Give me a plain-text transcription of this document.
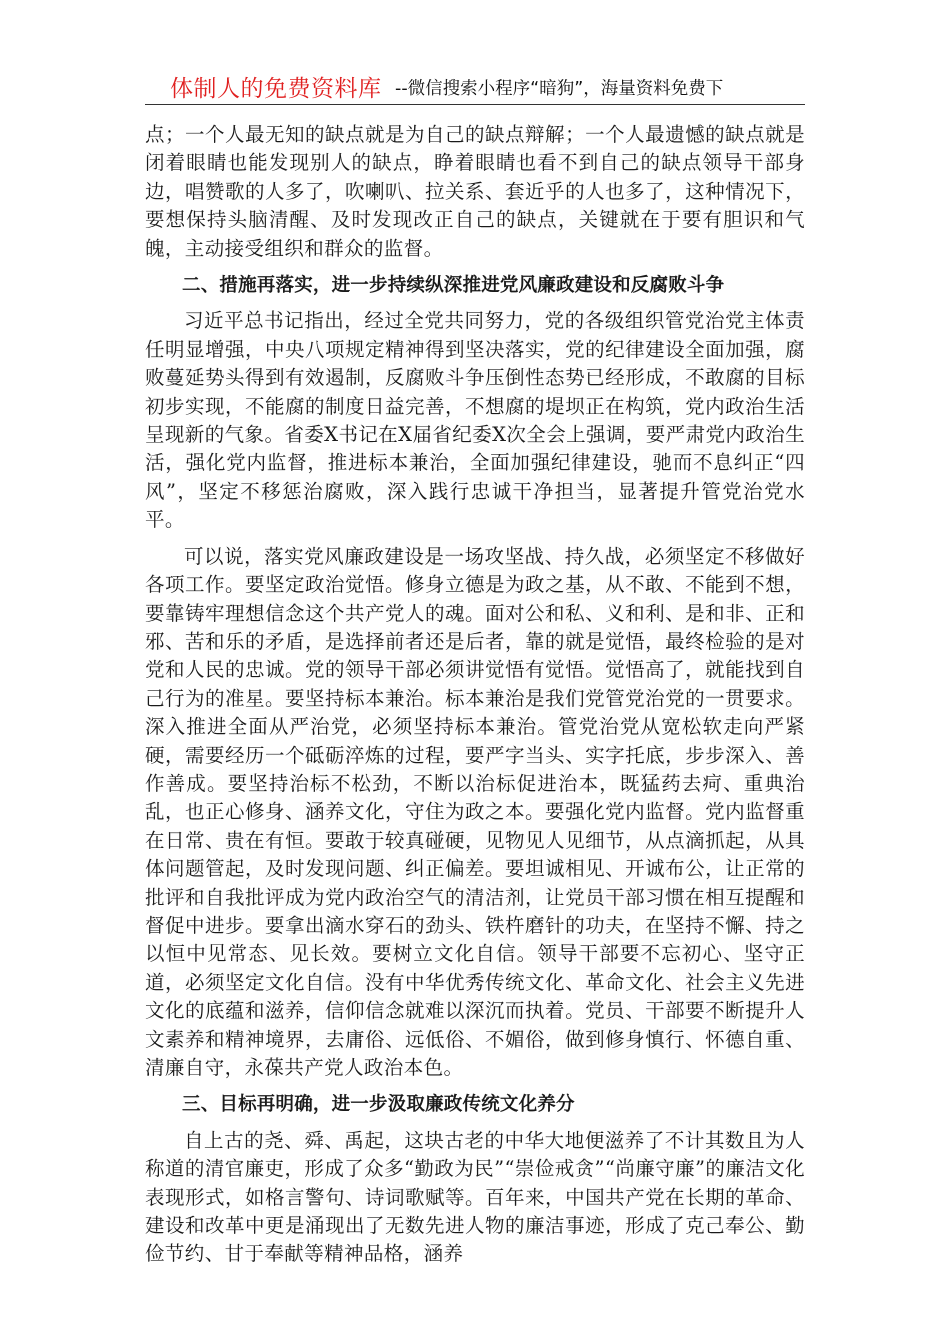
体制人的免费资料库 --微信搜索小程序“暗狗”，海量资料免费下

点；一个人最无知的缺点就是为自己的缺点辩解；一个人最遗憾的缺点就是闭着眼睛也能发现别人的缺点，睁着眼睛也看不到自己的缺点领导干部身边，唱赞歌的人多了，吹喇叭、拉关系、套近乎的人也多了，这种情况下，要想保持头脑清醒、及时发现改正自己的缺点，关键就在于要有胆识和气魄，主动接受组织和群众的监督。

二、措施再落实，进一步持续纵深推进党风廉政建设和反腐败斗争

习近平总书记指出，经过全党共同努力，党的各级组织管党治党主体责任明显增强，中央八项规定精神得到坚决落实，党的纪律建设全面加强，腐败蔓延势头得到有效遏制，反腐败斗争压倒性态势已经形成，不敢腐的目标初步实现，不能腐的制度日益完善，不想腐的堤坝正在构筑，党内政治生活呈现新的气象。省委X书记在X届省纪委X次全会上强调，要严肃党内政治生活，强化党内监督，推进标本兼治，全面加强纪律建设，驰而不息纠正“四风”，坚定不移惩治腐败，深入践行忠诚干净担当，显著提升管党治党水平。

可以说，落实党风廉政建设是一场攻坚战、持久战，必须坚定不移做好各项工作。要坚定政治觉悟。修身立德是为政之基，从不敢、不能到不想，要靠铸牢理想信念这个共产党人的魂。面对公和私、义和利、是和非、正和邪、苦和乐的矛盾，是选择前者还是后者，靠的就是觉悟，最终检验的是对党和人民的忠诚。党的领导干部必须讲觉悟有觉悟。觉悟高了，就能找到自己行为的准星。要坚持标本兼治。标本兼治是我们党管党治党的一贯要求。深入推进全面从严治党，必须坚持标本兼治。管党治党从宽松软走向严紧硬，需要经历一个砥砺淬炼的过程，要严字当头、实字托底，步步深入、善作善成。要坚持治标不松劲，不断以治标促进治本，既猛药去疴、重典治乱，也正心修身、涵养文化，守住为政之本。要强化党内监督。党内监督重在日常、贵在有恒。要敢于较真碰硬，见物见人见细节，从点滴抓起，从具体问题管起，及时发现问题、纠正偏差。要坦诚相见、开诚布公，让正常的批评和自我批评成为党内政治空气的清洁剂，让党员干部习惯在相互提醒和督促中进步。要拿出滴水穿石的劲头、铁杵磨针的功夫，在坚持不懈、持之以恒中见常态、见长效。要树立文化自信。领导干部要不忘初心、坚守正道，必须坚定文化自信。没有中华优秀传统文化、革命文化、社会主义先进文化的底蕴和滋养，信仰信念就难以深沉而执着。党员、干部要不断提升人文素养和精神境界，去庸俗、远低俗、不媚俗，做到修身慎行、怀德自重、清廉自守，永葆共产党人政治本色。

三、目标再明确，进一步汲取廉政传统文化养分

自上古的尧、舜、禹起，这块古老的中华大地便滋养了不计其数且为人称道的清官廉吏，形成了众多“勤政为民”“崇俭戒贪”“尚廉守廉”的廉洁文化表现形式，如格言警句、诗词歌赋等。百年来，中国共产党在长期的革命、建设和改革中更是涌现出了无数先进人物的廉洁事迹，形成了克己奉公、勤俭节约、甘于奉献等精神品格，涵养
